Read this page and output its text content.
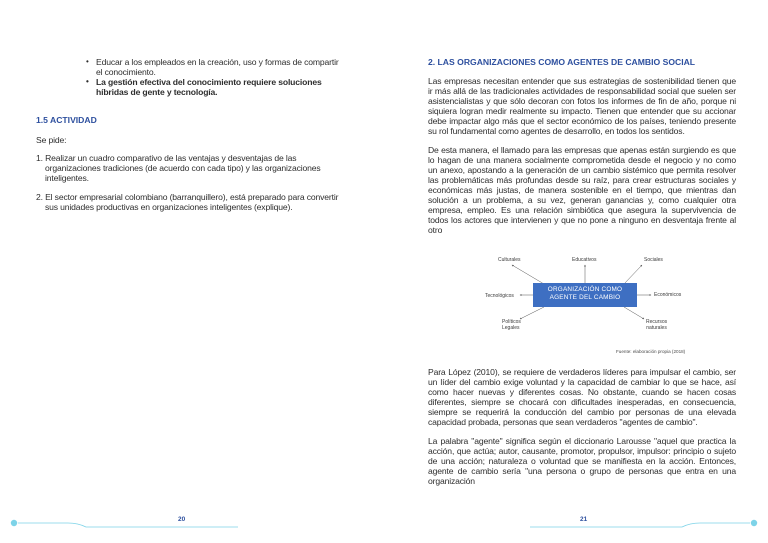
• Educar a los empleados en la creación, uso y formas de compartir el conocimiento.
• La gestión efectiva del conocimiento requiere soluciones híbridas de gente y tecnología.
1.5 ACTIVIDAD
Se pide:
1. Realizar un cuadro comparativo de las ventajas y desventajas de las organizaciones tradiciones (de acuerdo con cada tipo) y las organizaciones inteligentes.
2. El sector empresarial colombiano (barranquillero), está preparado para convertir sus unidades productivas en organizaciones inteligentes (explique).
20
2. LAS ORGANIZACIONES COMO AGENTES DE CAMBIO SOCIAL

Las empresas necesitan entender que sus estrategias de sostenibilidad tienen que ir más allá de las tradicionales actividades de responsabilidad social que suelen ser asistencialistas y que sólo decoran con fotos los informes de fin de año, porque ni siquiera logran medir realmente su impacto. Tienen que entender que su accionar debe impactar algo más que el sector económico de los países, teniendo presente su rol fundamental como agentes de desarrollo, en todos los sentidos.

De esta manera, el llamado para las empresas que apenas están surgiendo es que lo hagan de una manera socialmente comprometida desde el negocio y no como un anexo, apostando a la generación de un cambio sistémico que permita resolver las problemáticas más profundas desde su raíz, para crear estructuras sociales y económicas más justas, de manera sostenible en el tiempo, que mientras dan solución a un problema, a su vez, generan ganancias y, como cualquier otra empresa, empleo. Es una relación simbiótica que asegura la supervivencia de todos los actores que intervienen y que no pone a ninguno en desventaja frente al otro

Culturales	Educativos	Sociales
Tecnológicos	Económicos
Políticos
Legales
Recursos
naturales
ORGANIZACIÓN COMO
AGENTE DEL CAMBIO
Fuente: elaboración propia (2018)

Para López (2010), se requiere de verdaderos líderes para impulsar el cambio, ser un líder del cambio exige voluntad y la capacidad de cambiar lo que se hace, así como hacer nuevas y diferentes cosas. No obstante, cuando se hacen cosas diferentes, siempre se chocará con dificultades inesperadas, en consecuencia, siempre se requerirá la conducción del cambio por personas de una elevada capacidad probada, personas que sean verdaderos "agentes de cambio".

La palabra "agente" significa según el diccionario Larousse "aquel que practica la acción, que actúa; autor, causante, promotor, propulsor, impulsor: principio o sujeto de una acción; naturaleza o voluntad que se manifiesta en la acción. Entonces, agente de cambio sería "una persona o grupo de personas que entra en una organización

21
